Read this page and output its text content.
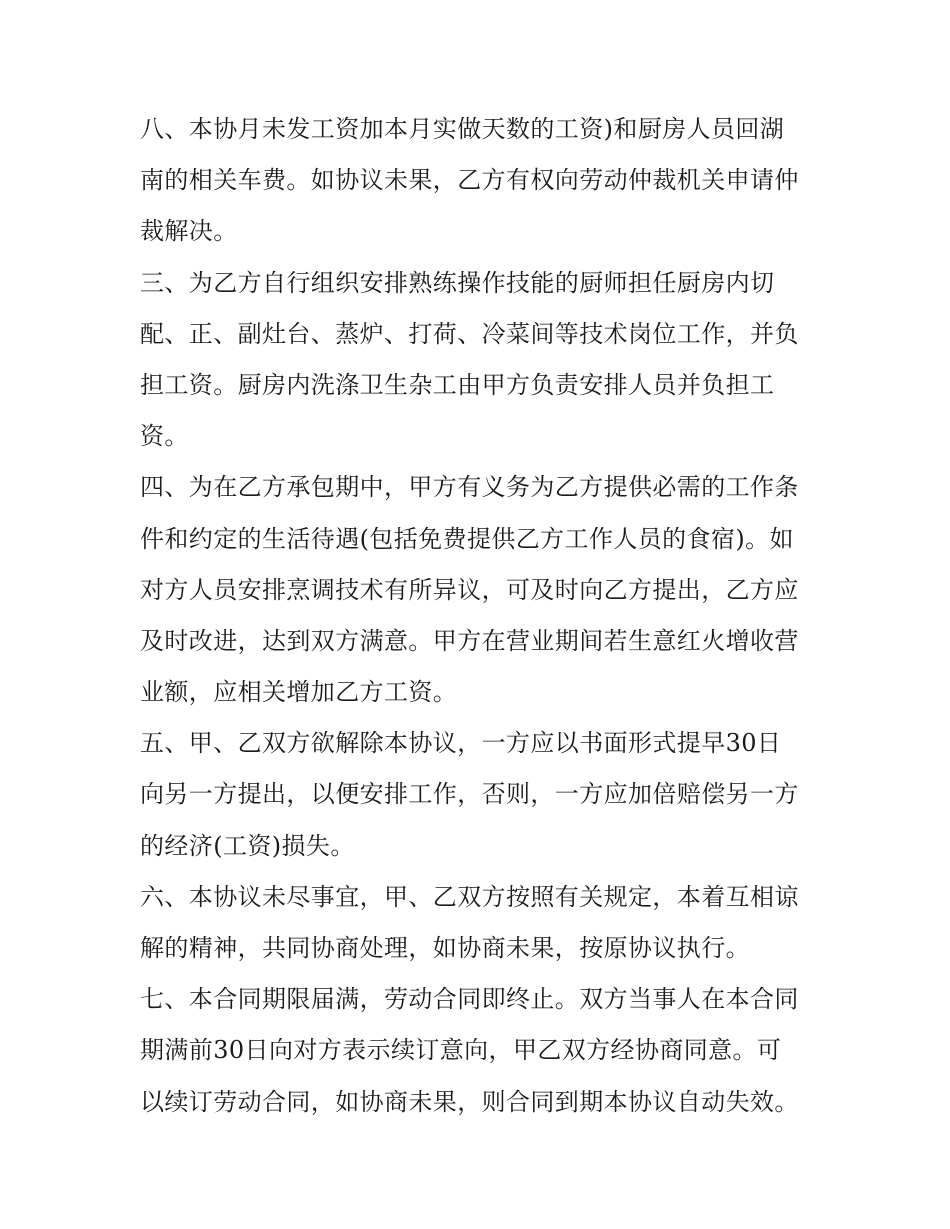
八、本协月未发工资加本月实做天数的工资)和厨房人员回湖
南的相关车费。如协议未果，乙方有权向劳动仲裁机关申请仲
裁解决。
三、为乙方自行组织安排熟练操作技能的厨师担任厨房内切
配、正、副灶台、蒸炉、打荷、冷菜间等技术岗位工作，并负
担工资。厨房内洗涤卫生杂工由甲方负责安排人员并负担工
资。
四、为在乙方承包期中，甲方有义务为乙方提供必需的工作条
件和约定的生活待遇(包括免费提供乙方工作人员的食宿)。如
对方人员安排烹调技术有所异议，可及时向乙方提出，乙方应
及时改进，达到双方满意。甲方在营业期间若生意红火增收营
业额，应相关增加乙方工资。
五、甲、乙双方欲解除本协议，一方应以书面形式提早30日
向另一方提出，以便安排工作，否则，一方应加倍赔偿另一方
的经济(工资)损失。
六、本协议未尽事宜，甲、乙双方按照有关规定，本着互相谅
解的精神，共同协商处理，如协商未果，按原协议执行。
七、本合同期限届满，劳动合同即终止。双方当事人在本合同
期满前30日向对方表示续订意向，甲乙双方经协商同意。可
以续订劳动合同，如协商未果，则合同到期本协议自动失效。
